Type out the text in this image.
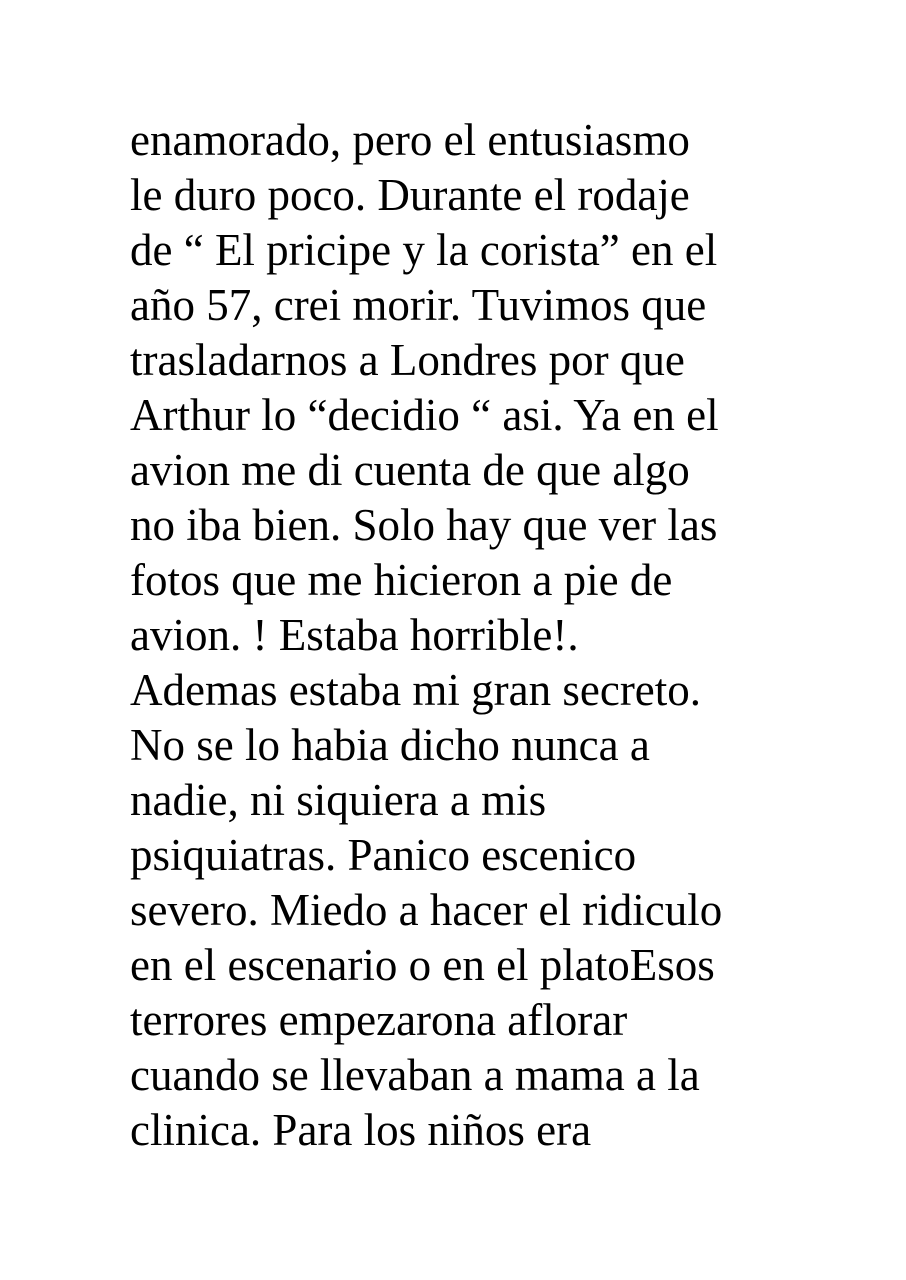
enamorado, pero el entusiasmo
le duro poco. Durante el rodaje
de “ El pricipe y la corista” en el
año 57, crei morir. Tuvimos que
trasladarnos a Londres por que
Arthur lo “decidio “ asi. Ya en el
avion me di cuenta de que algo
no iba bien. Solo hay que ver las
fotos que me hicieron a pie de
avion. ! Estaba horrible!.
Ademas estaba mi gran secreto.
No se lo habia dicho nunca a
nadie, ni siquiera a mis
psiquiatras. Panico escenico
severo. Miedo a hacer el ridiculo
en el escenario o en el platoEsos
terrores empezarona aflorar
cuando se llevaban a mama a la
clinica. Para los niños era
